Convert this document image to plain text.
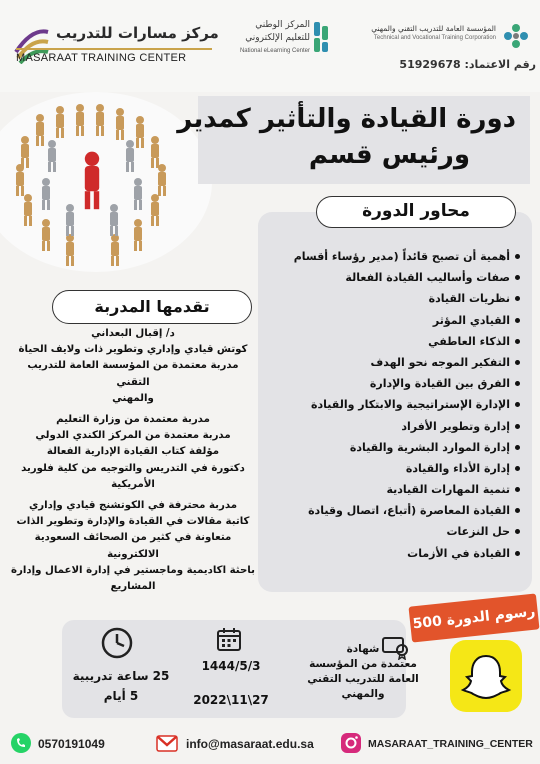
مركز مسارات للتدريب
MASARAAT TRAINING CENTER
المركز الوطني
للتعليم الإلكتروني
National eLearning Center
المؤسسة العامة للتدريب التقني والمهني
Technical and Vocational Training Corporation
رقم الاعتماد: 51929678
دورة القيادة والتأثير كمدير
ورئيس قسم
محاور الدورة
أهمية أن تصبح قائداً (مدير رؤساء أقسام
صفات وأساليب القيادة الفعالة
نظريات القيادة
القيادي المؤثر
الذكاء العاطفي
التفكير الموجه نحو الهدف
الفرق بين القيادة والإدارة
الإدارة الإستراتيجية والابتكار والقيادة
إدارة وتطوير الأفراد
إدارة الموارد البشرية والقيادة
إدارة الأداء والقيادة
تنمية المهارات القيادية
القيادة المعاصرة (أتباع، اتصال وقيادة
حل النزعات
القيادة في الأزمات
تقدمها المدربة

د/ إقبال البعداني

كوتش قيادي وإداري وتطوير ذات ولايف الحياة

مدربة معتمدة من المؤسسة العامة للتدريب التقني

والمهني

مدربة معتمدة من وزارة التعليم

مدربة معتمدة من المركز الكندي الدولي

مؤلفة كتاب القيادة الإدارية الفعالة

دكتورة في التدريس والتوجيه من كلية فلوريد

الأمريكية

مدربة محترفة في الكوتشنج قيادي وإداري

كاتبة مقالات في القيادة والإدارة وتطوير الذات

متعاونة في كثير من الصحائف السعودية الالكترونية

باحثة اكاديمية وماجستير في إدارة الاعمال وإدارة

المشاريع

رسوم الدورة 500
شهادة
معتمدة من المؤسسة
العامة للتدريب التقني والمهني
1444/5/3
2022\11\27
25 ساعة تدريبية
5 أيام
0570191049	info@masaraat.edu.sa	MASARAAT_TRAINING_CENTER
